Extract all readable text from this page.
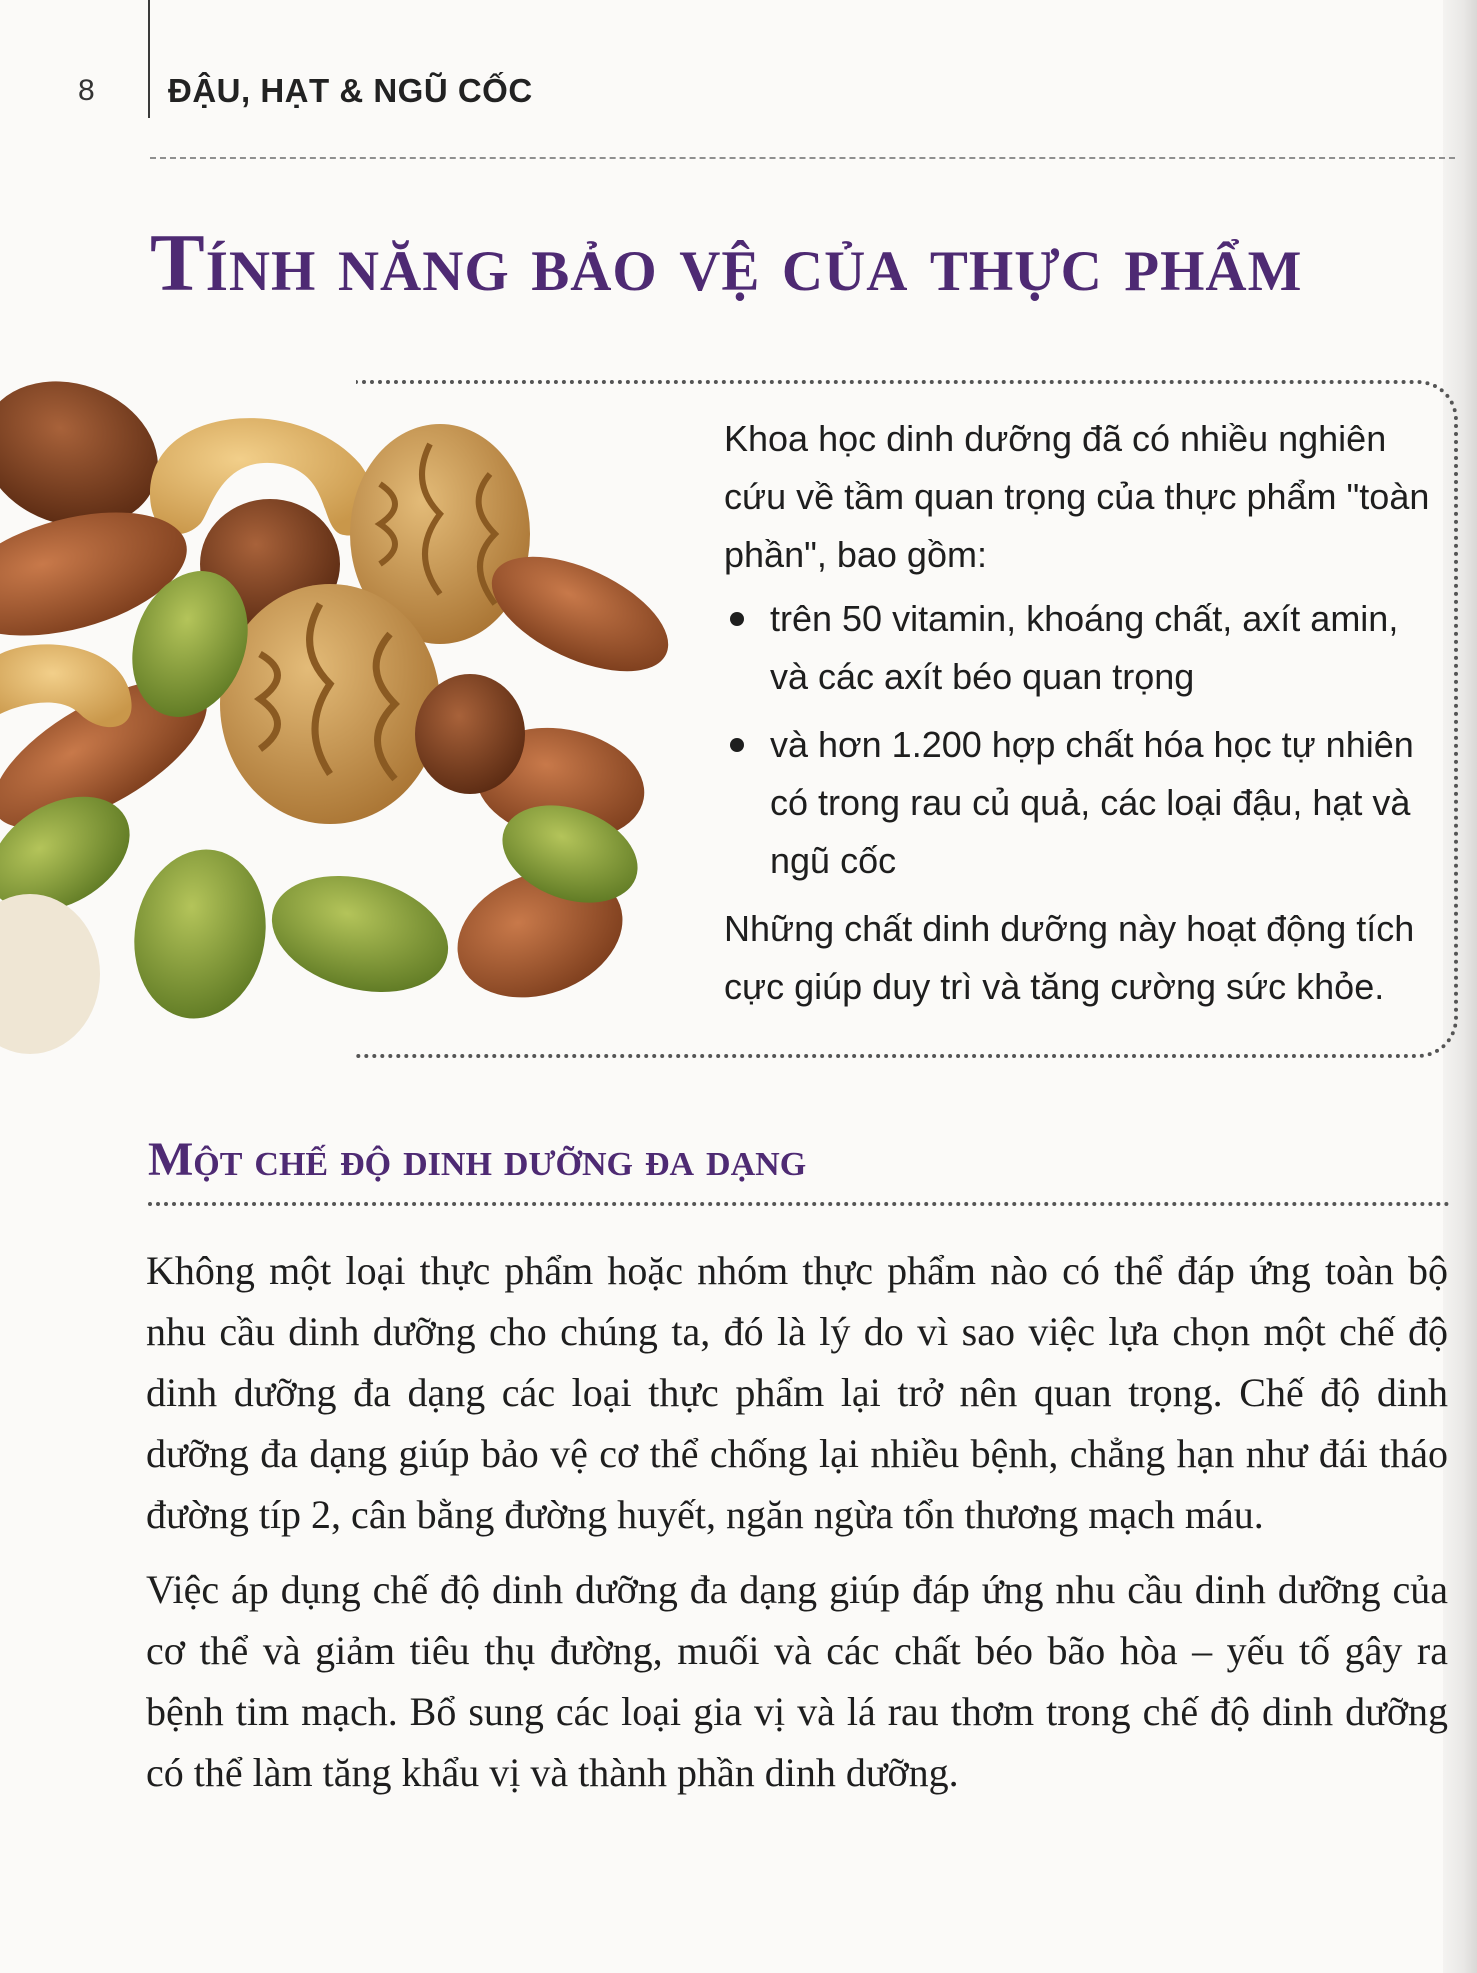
8 ĐẬU, HẠT & NGŨ CỐC
Tính năng bảo vệ của thực phẩm

Khoa học dinh dưỡng đã có nhiều nghiên cứu về tầm quan trọng của thực phẩm "toàn phần", bao gồm:

trên 50 vitamin, khoáng chất, axít amin, và các axít béo quan trọng
và hơn 1.200 hợp chất hóa học tự nhiên có trong rau củ quả, các loại đậu, hạt và ngũ cốc

Những chất dinh dưỡng này hoạt động tích cực giúp duy trì và tăng cường sức khỏe.

Một chế độ dinh dưỡng đa dạng

Không một loại thực phẩm hoặc nhóm thực phẩm nào có thể đáp ứng toàn bộ nhu cầu dinh dưỡng cho chúng ta, đó là lý do vì sao việc lựa chọn một chế độ dinh dưỡng đa dạng các loại thực phẩm lại trở nên quan trọng. Chế độ dinh dưỡng đa dạng giúp bảo vệ cơ thể chống lại nhiều bệnh, chẳng hạn như đái tháo đường típ 2, cân bằng đường huyết, ngăn ngừa tổn thương mạch máu.

Việc áp dụng chế độ dinh dưỡng đa dạng giúp đáp ứng nhu cầu dinh dưỡng của cơ thể và giảm tiêu thụ đường, muối và các chất béo bão hòa – yếu tố gây ra bệnh tim mạch. Bổ sung các loại gia vị và lá rau thơm trong chế độ dinh dưỡng có thể làm tăng khẩu vị và thành phần dinh dưỡng.
